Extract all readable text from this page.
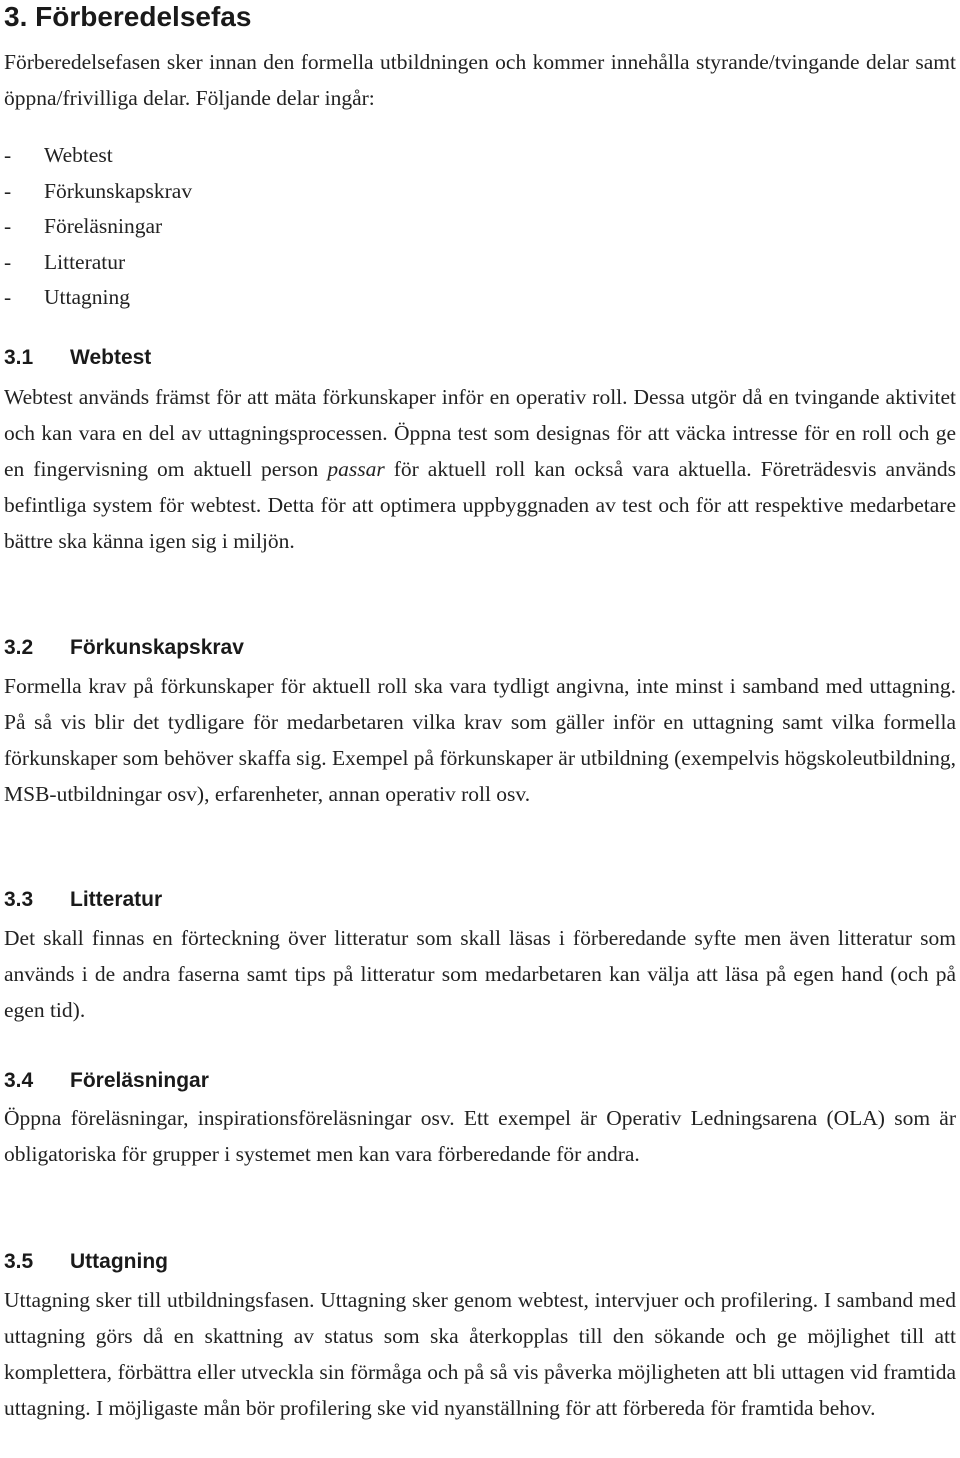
3. Förberedelsefas

Förberedelsefasen sker innan den formella utbildningen och kommer innehålla styrande/tvingande delar samt öppna/frivilliga delar. Följande delar ingår:

-	Webtest
-	Förkunskapskrav
-	Föreläsningar
-	Litteratur
-	Uttagning
3.1 Webtest

Webtest används främst för att mäta förkunskaper inför en operativ roll. Dessa utgör då en tvingande aktivitet och kan vara en del av uttagningsprocessen. Öppna test som designas för att väcka intresse för en roll och ge en fingervisning om aktuell person passar för aktuell roll kan också vara aktuella. Företrädesvis används befintliga system för webtest. Detta för att optimera uppbyggnaden av test och för att respektive medarbetare bättre ska känna igen sig i miljön.

3.2 Förkunskapskrav

Formella krav på förkunskaper för aktuell roll ska vara tydligt angivna, inte minst i samband med uttagning. På så vis blir det tydligare för medarbetaren vilka krav som gäller inför en uttagning samt vilka formella förkunskaper som behöver skaffa sig. Exempel på förkunskaper är utbildning (exempelvis högskoleutbildning, MSB-utbildningar osv), erfarenheter, annan operativ roll osv.

3.3 Litteratur

Det skall finnas en förteckning över litteratur som skall läsas i förberedande syfte men även litteratur som används i de andra faserna samt tips på litteratur som medarbetaren kan välja att läsa på egen hand (och på egen tid).

3.4 Föreläsningar

Öppna föreläsningar, inspirationsföreläsningar osv. Ett exempel är Operativ Ledningsarena (OLA) som är obligatoriska för grupper i systemet men kan vara förberedande för andra.

3.5 Uttagning

Uttagning sker till utbildningsfasen. Uttagning sker genom webtest, intervjuer och profilering. I samband med uttagning görs då en skattning av status som ska återkopplas till den sökande och ge möjlighet till att komplettera, förbättra eller utveckla sin förmåga och på så vis påverka möjligheten att bli uttagen vid framtida uttagning. I möjligaste mån bör profilering ske vid nyanställning för att förbereda för framtida behov.
